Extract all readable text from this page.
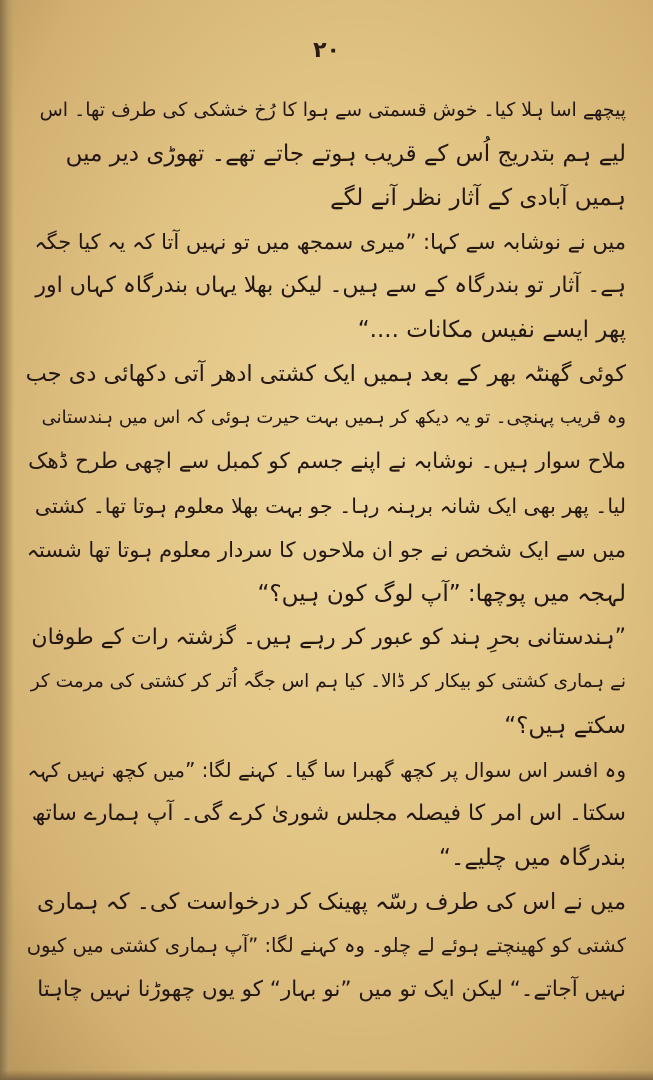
۲۰
پیچھے اسا ہلا کیا۔ خوش قسمتی سے ہوا کا رُخ خشکی کی طرف تھا۔ اس
لیے ہم بتدریج اُس کے قریب ہوتے جاتے تھے۔ تھوڑی دیر میں
ہمیں آبادی کے آثار نظر آنے لگے
میں نے نوشابہ سے کہا: ”میری سمجھ میں تو نہیں آتا کہ یہ کیا جگہ
ہے۔ آثار تو بندرگاہ کے سے ہیں۔ لیکن بھلا یہاں بندرگاہ کہاں اور
پھر ایسے نفیس مکانات ....“
کوئی گھنٹہ بھر کے بعد ہمیں ایک کشتی ادھر آتی دکھائی دی جب
وہ قریب پہنچی۔ تو یہ دیکھ کر ہمیں بہت حیرت ہوئی کہ اس میں ہندستانی
ملاح سوار ہیں۔ نوشابہ نے اپنے جسم کو کمبل سے اچھی طرح ڈھک
لیا۔ پھر بھی ایک شانہ برہنہ رہا۔ جو بہت بھلا معلوم ہوتا تھا۔ کشتی
میں سے ایک شخص نے جو ان ملاحوں کا سردار معلوم ہوتا تھا شستہ
لہجہ میں پوچھا: ”آپ لوگ کون ہیں؟“
”ہندستانی بحرِ ہند کو عبور کر رہے ہیں۔ گزشتہ رات کے طوفان
نے ہماری کشتی کو بیکار کر ڈالا۔ کیا ہم اس جگہ اُتر کر کشتی کی مرمت کر
سکتے ہیں؟“
وہ افسر اس سوال پر کچھ گھبرا سا گیا۔ کہنے لگا: ”میں کچھ نہیں کہہ
سکتا۔ اس امر کا فیصلہ مجلس شوریٰ کرے گی۔ آپ ہمارے ساتھ
بندرگاہ میں چلیے۔“
میں نے اس کی طرف رسّہ پھینک کر درخواست کی۔ کہ ہماری
کشتی کو کھینچتے ہوئے لے چلو۔ وہ کہنے لگا: ”آپ ہماری کشتی میں کیوں
نہیں آجاتے۔“ لیکن ایک تو میں ”نو بہار“ کو یوں چھوڑنا نہیں چاہتا
